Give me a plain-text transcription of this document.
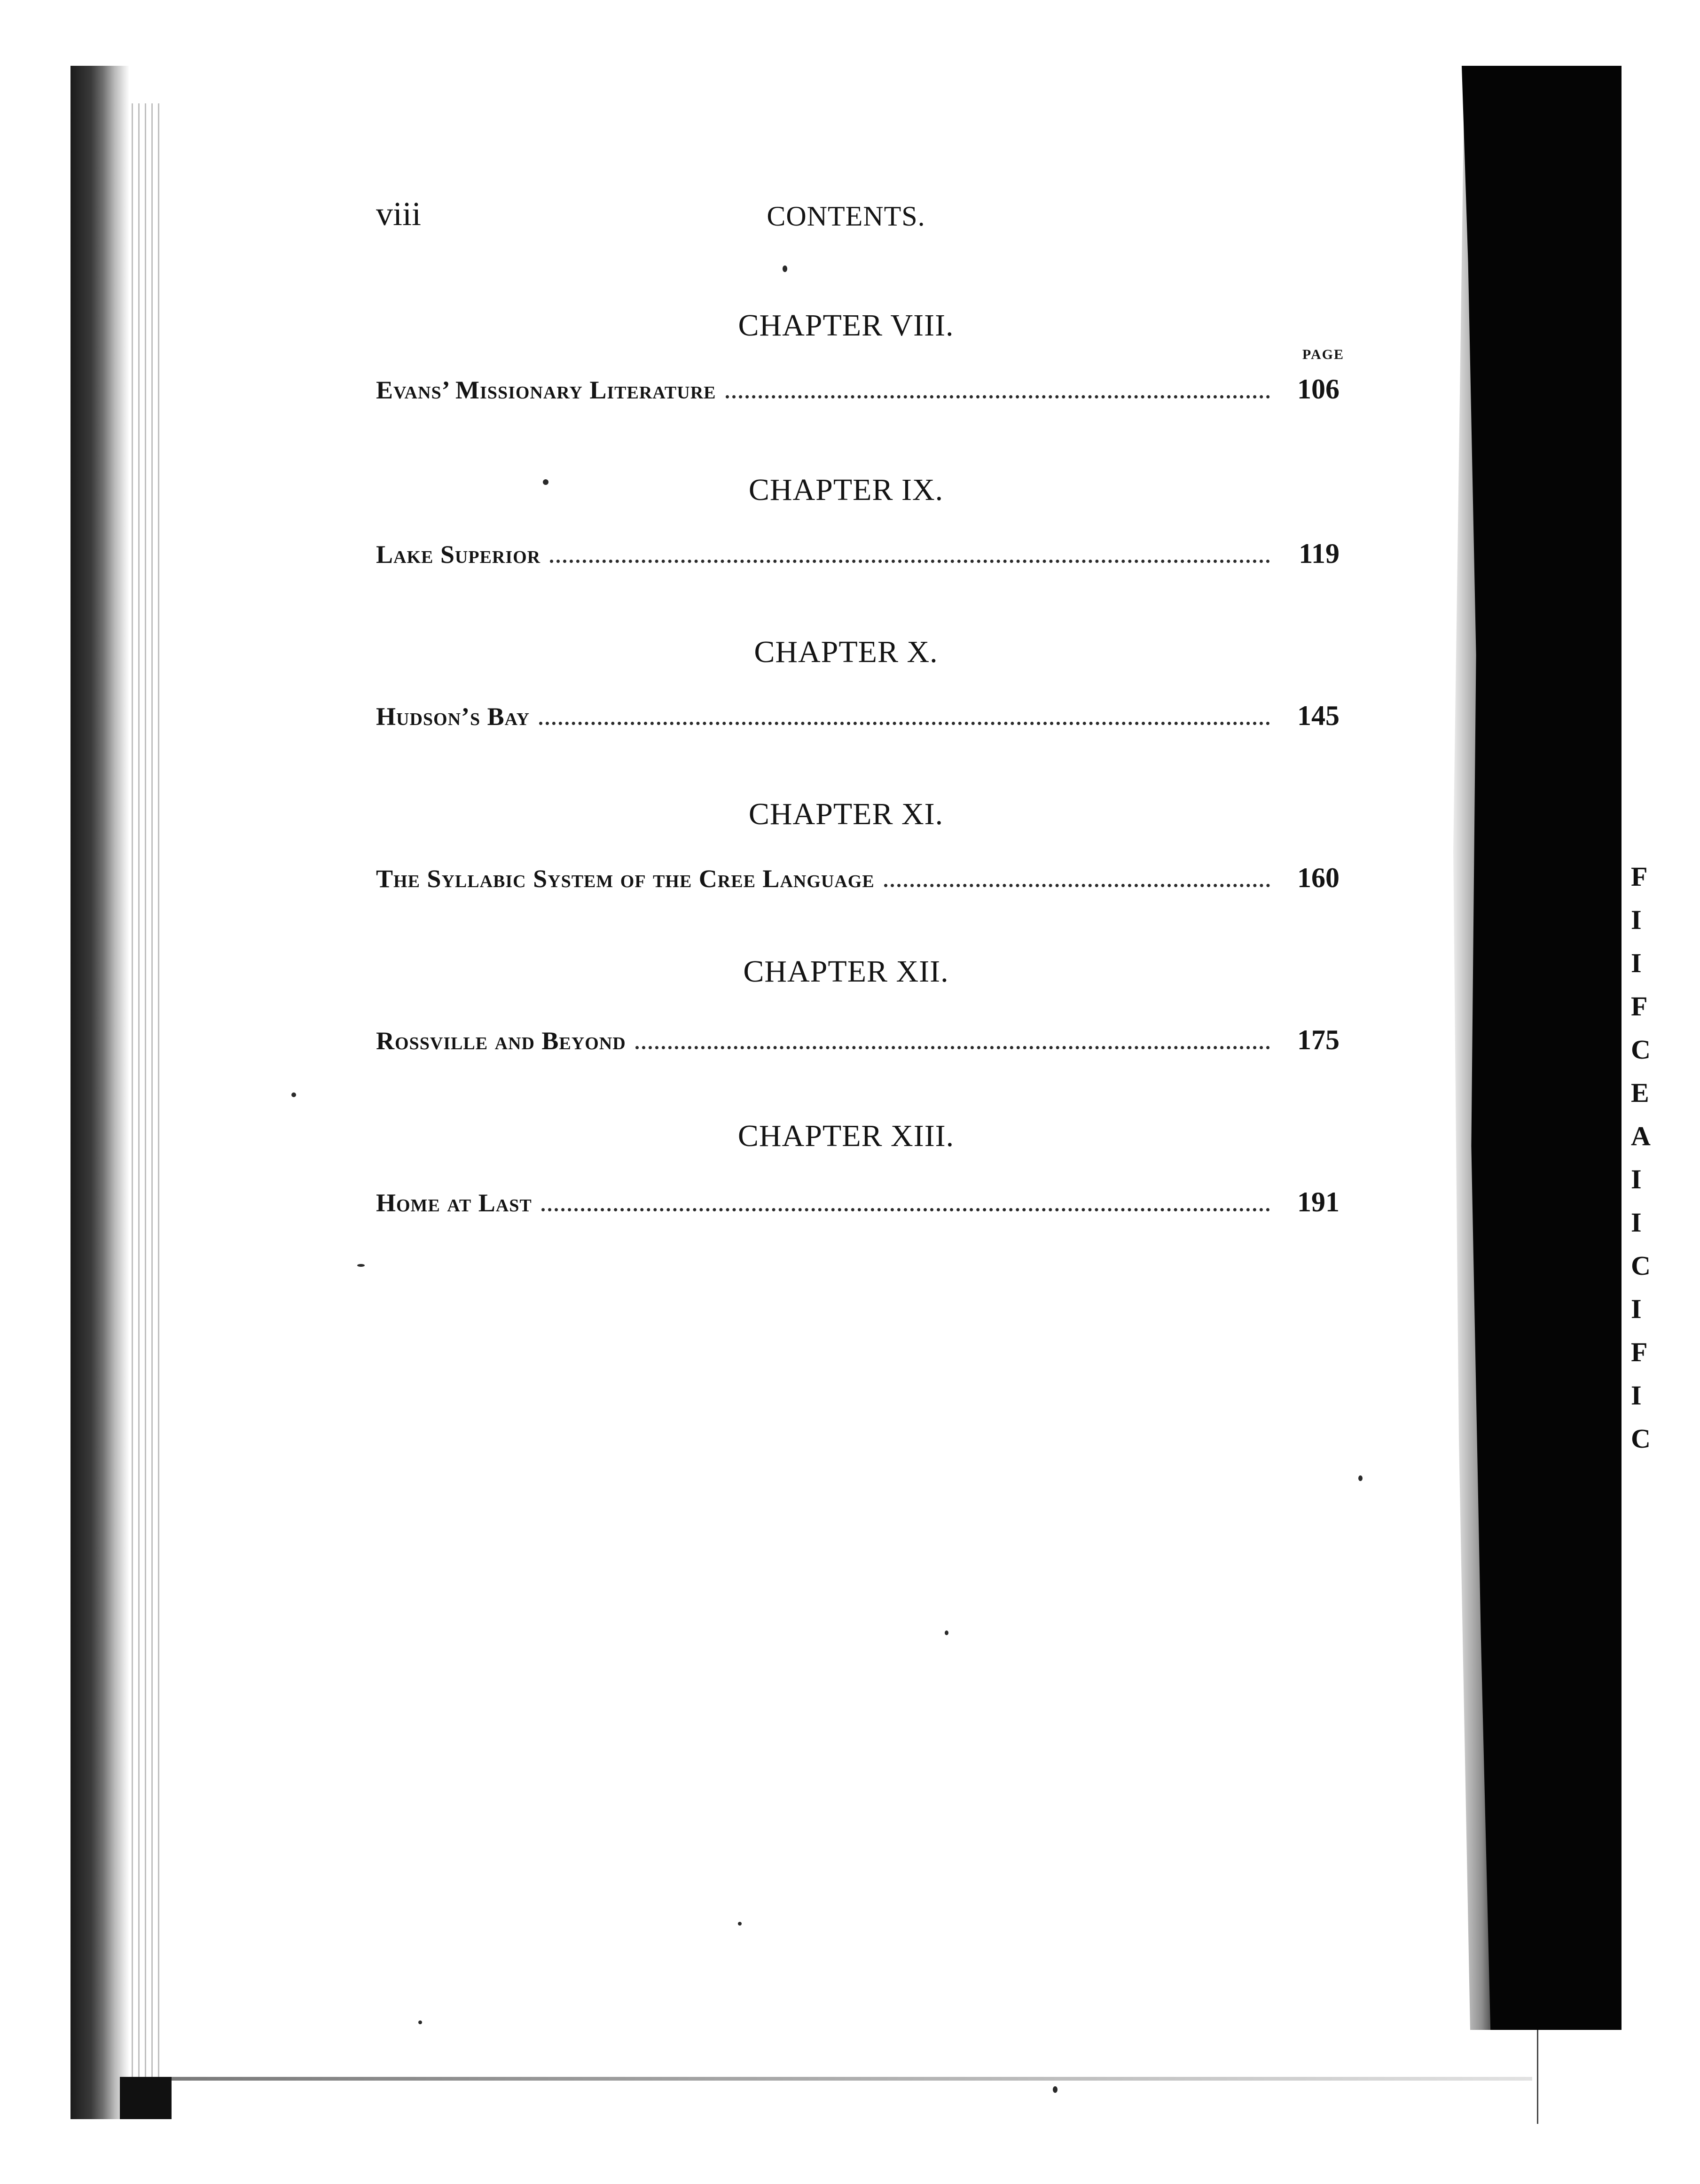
F
I
I
F
C
E
A
I
I
C
I
F
I
C
viii	CONTENTS.
PAGE
CHAPTER VIII.
Evans’ Missionary Literature	106
CHAPTER IX.
Lake Superior	119
CHAPTER X.
Hudson’s Bay	145
CHAPTER XI.
The Syllabic System of the Cree Language	160
CHAPTER XII.
Rossville and Beyond	175
CHAPTER XIII.
Home at Last	191
